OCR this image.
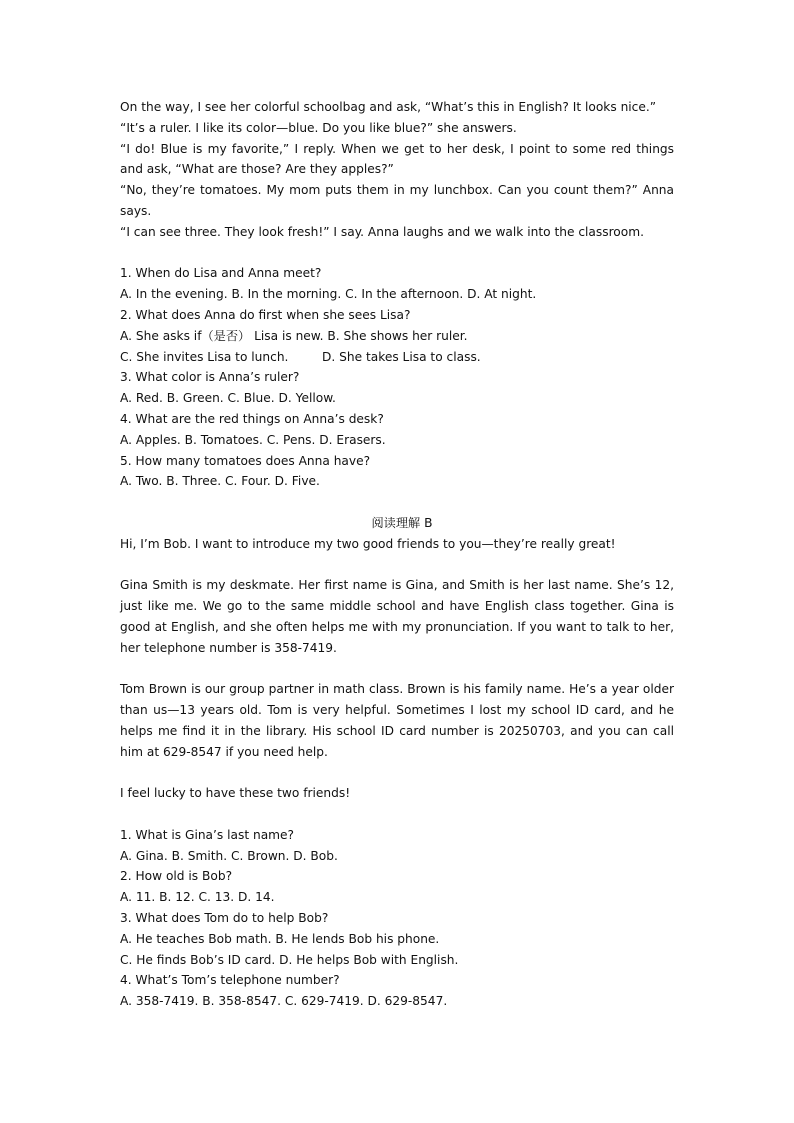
On the way, I see her colorful schoolbag and ask, “What’s this in English? It looks nice.”
“It’s a ruler. I like its color—blue. Do you like blue?” she answers.
“I do! Blue is my favorite,” I reply. When we get to her desk, I point to some red things and ask, “What are those? Are they apples?”
“No, they’re tomatoes. My mom puts them in my lunchbox. Can you count them?” Anna says.
“I can see three. They look fresh!” I say. Anna laughs and we walk into the classroom.
1. When do Lisa and Anna meet?
A. In the evening. B. In the morning. C. In the afternoon. D. At night.
2. What does Anna do first when she sees Lisa?
A. She asks if（是否） Lisa is new. B. She shows her ruler.
C. She invites Lisa to lunch.	D. She takes Lisa to class.
3. What color is Anna’s ruler?
A. Red. B. Green. C. Blue. D. Yellow.
4. What are the red things on Anna’s desk?
A. Apples. B. Tomatoes. C. Pens. D. Erasers.
5. How many tomatoes does Anna have?
A. Two. B. Three. C. Four. D. Five.
阅读理解 B
Hi, I’m Bob. I want to introduce my two good friends to you—they’re really great!
Gina Smith is my deskmate. Her first name is Gina, and Smith is her last name. She’s 12, just like me. We go to the same middle school and have English class together. Gina is good at English, and she often helps me with my pronunciation. If you want to talk to her, her telephone number is 358-7419.
Tom Brown is our group partner in math class. Brown is his family name. He’s a year older than us—13 years old. Tom is very helpful. Sometimes I lost my school ID card, and he helps me find it in the library. His school ID card number is 20250703, and you can call him at 629-8547 if you need help.
I feel lucky to have these two friends!
1. What is Gina’s last name?
A. Gina. B. Smith. C. Brown. D. Bob.
2. How old is Bob?
A. 11. B. 12. C. 13. D. 14.
3. What does Tom do to help Bob?
A. He teaches Bob math. B. He lends Bob his phone.
C. He finds Bob’s ID card. D. He helps Bob with English.
4. What’s Tom’s telephone number?
A. 358-7419. B. 358-8547. C. 629-7419. D. 629-8547.
